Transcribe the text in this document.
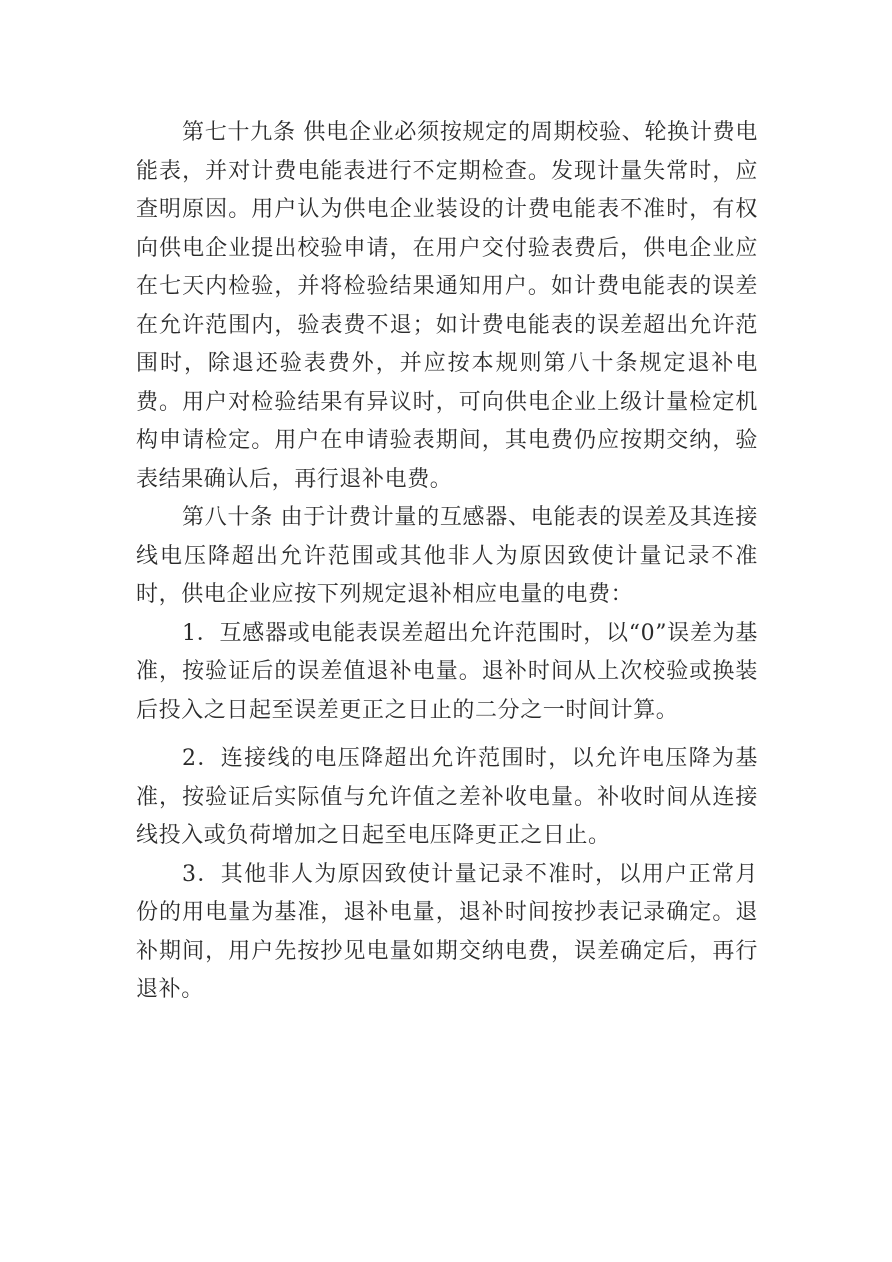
第七十九条 供电企业必须按规定的周期校验、轮换计费电能表，并对计费电能表进行不定期检查。发现计量失常时，应查明原因。用户认为供电企业装设的计费电能表不准时，有权向供电企业提出校验申请，在用户交付验表费后，供电企业应在七天内检验，并将检验结果通知用户。如计费电能表的误差在允许范围内，验表费不退；如计费电能表的误差超出允许范围时，除退还验表费外，并应按本规则第八十条规定退补电费。用户对检验结果有异议时，可向供电企业上级计量检定机构申请检定。用户在申请验表期间，其电费仍应按期交纳，验表结果确认后，再行退补电费。

第八十条 由于计费计量的互感器、电能表的误差及其连接线电压降超出允许范围或其他非人为原因致使计量记录不准时，供电企业应按下列规定退补相应电量的电费：

1．互感器或电能表误差超出允许范围时，以“0”误差为基准，按验证后的误差值退补电量。退补时间从上次校验或换装后投入之日起至误差更正之日止的二分之一时间计算。

2．连接线的电压降超出允许范围时，以允许电压降为基准，按验证后实际值与允许值之差补收电量。补收时间从连接线投入或负荷增加之日起至电压降更正之日止。

3．其他非人为原因致使计量记录不准时，以用户正常月份的用电量为基准，退补电量，退补时间按抄表记录确定。退补期间，用户先按抄见电量如期交纳电费，误差确定后，再行退补。
